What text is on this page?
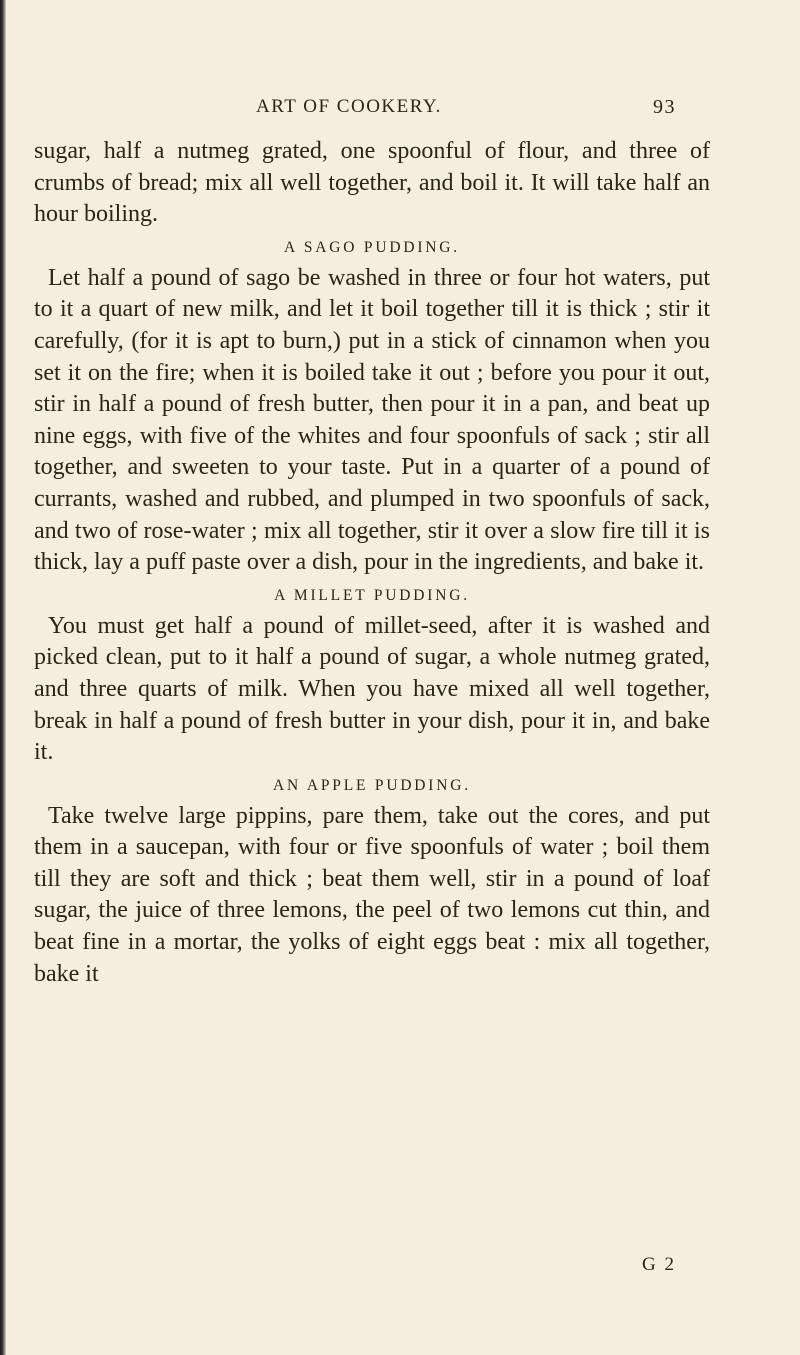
ART OF COOKERY.	93

sugar, half a nutmeg grated, one spoonful of flour, and three of crumbs of bread; mix all well together, and boil it. It will take half an hour boiling.

A SAGO PUDDING.

Let half a pound of sago be washed in three or four hot waters, put to it a quart of new milk, and let it boil together till it is thick ; stir it carefully, (for it is apt to burn,) put in a stick of cinnamon when you set it on the fire; when it is boiled take it out ; before you pour it out, stir in half a pound of fresh butter, then pour it in a pan, and beat up nine eggs, with five of the whites and four spoonfuls of sack ; stir all together, and sweeten to your taste. Put in a quarter of a pound of currants, washed and rubbed, and plumped in two spoonfuls of sack, and two of rose-water ; mix all together, stir it over a slow fire till it is thick, lay a puff paste over a dish, pour in the ingredients, and bake it.

A MILLET PUDDING.

You must get half a pound of millet-seed, after it is washed and picked clean, put to it half a pound of sugar, a whole nutmeg grated, and three quarts of milk. When you have mixed all well together, break in half a pound of fresh butter in your dish, pour it in, and bake it.

AN APPLE PUDDING.

Take twelve large pippins, pare them, take out the cores, and put them in a saucepan, with four or five spoonfuls of water ; boil them till they are soft and thick ; beat them well, stir in a pound of loaf sugar, the juice of three lemons, the peel of two lemons cut thin, and beat fine in a mortar, the yolks of eight eggs beat : mix all together, bake it

G 2
